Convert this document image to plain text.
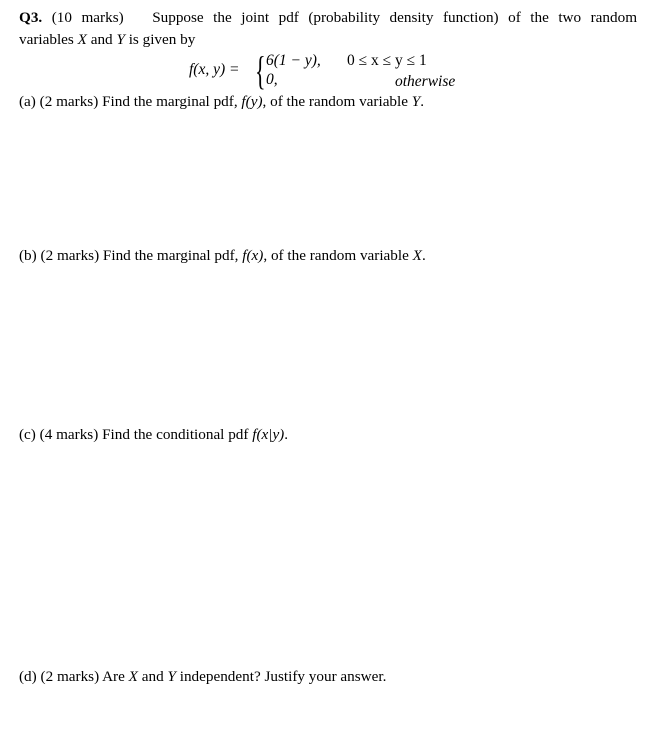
Q3. (10 marks) Suppose the joint pdf (probability density function) of the two random
variables X and Y is given by
f(x, y) = { 6(1 − y),
0,
0 ≤ x ≤ y ≤ 1
otherwise
(a) (2 marks) Find the marginal pdf, f(y), of the random variable Y.
(b) (2 marks) Find the marginal pdf, f(x), of the random variable X.
(c) (4 marks) Find the conditional pdf f(x|y).
(d) (2 marks) Are X and Y independent? Justify your answer.
